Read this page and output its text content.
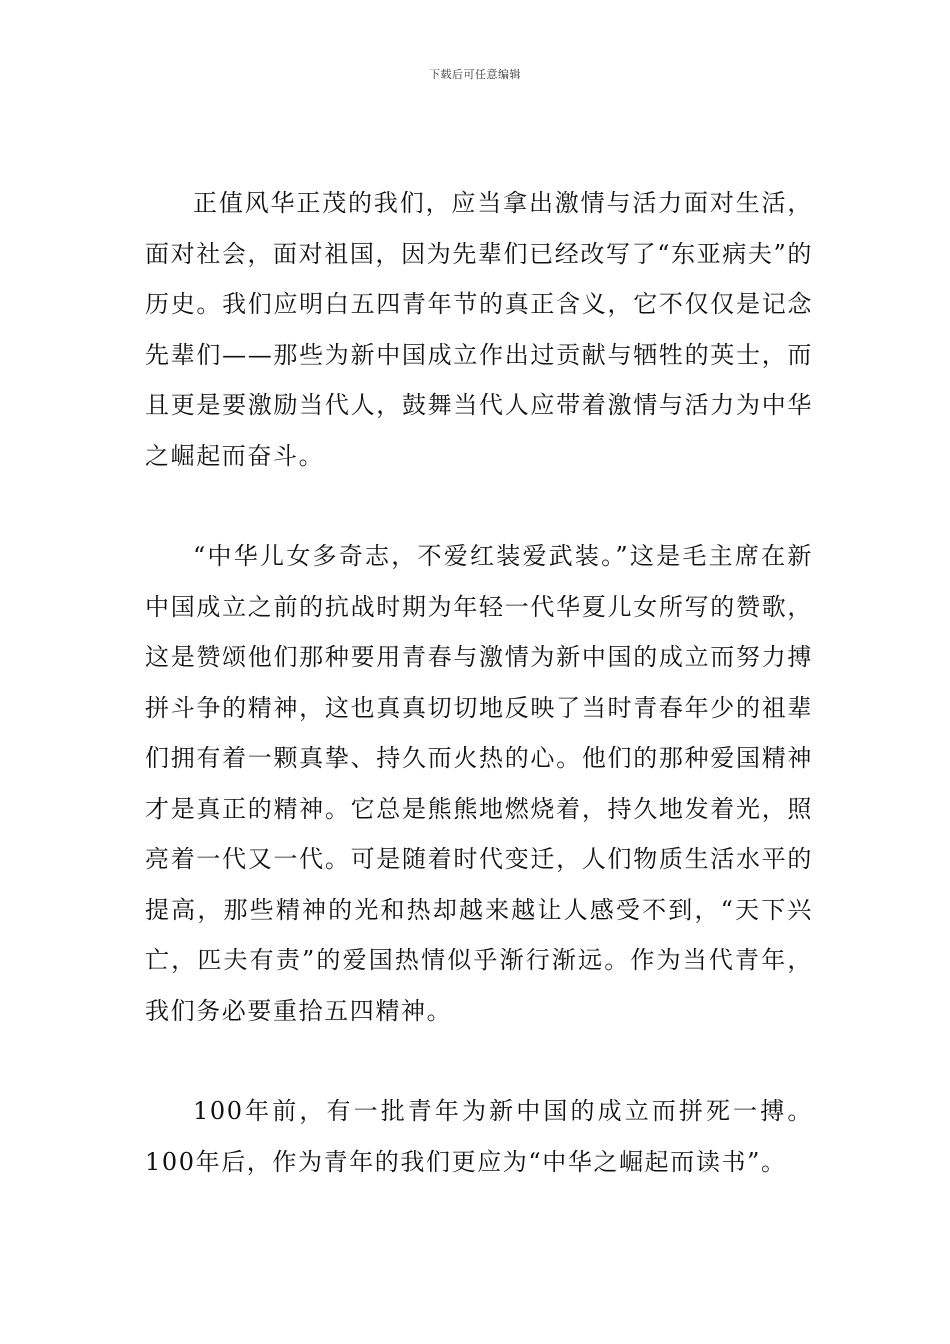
下载后可任意编辑

正值风华正茂的我们，应当拿出激情与活力面对生活，面对社会，面对祖国，因为先辈们已经改写了“东亚病夫”的历史。我们应明白五四青年节的真正含义，它不仅仅是记念先辈们——那些为新中国成立作出过贡献与牺牲的英士，而且更是要激励当代人，鼓舞当代人应带着激情与活力为中华之崛起而奋斗。

“中华儿女多奇志，不爱红装爱武装。”这是毛主席在新中国成立之前的抗战时期为年轻一代华夏儿女所写的赞歌，这是赞颂他们那种要用青春与激情为新中国的成立而努力搏拼斗争的精神，这也真真切切地反映了当时青春年少的祖辈们拥有着一颗真挚、持久而火热的心。他们的那种爱国精神才是真正的精神。它总是熊熊地燃烧着，持久地发着光，照亮着一代又一代。可是随着时代变迁，人们物质生活水平的提高，那些精神的光和热却越来越让人感受不到，“天下兴亡，匹夫有责”的爱国热情似乎渐行渐远。作为当代青年，我们务必要重拾五四精神。

100年前，有一批青年为新中国的成立而拼死一搏。100年后，作为青年的我们更应为“中华之崛起而读书”。
